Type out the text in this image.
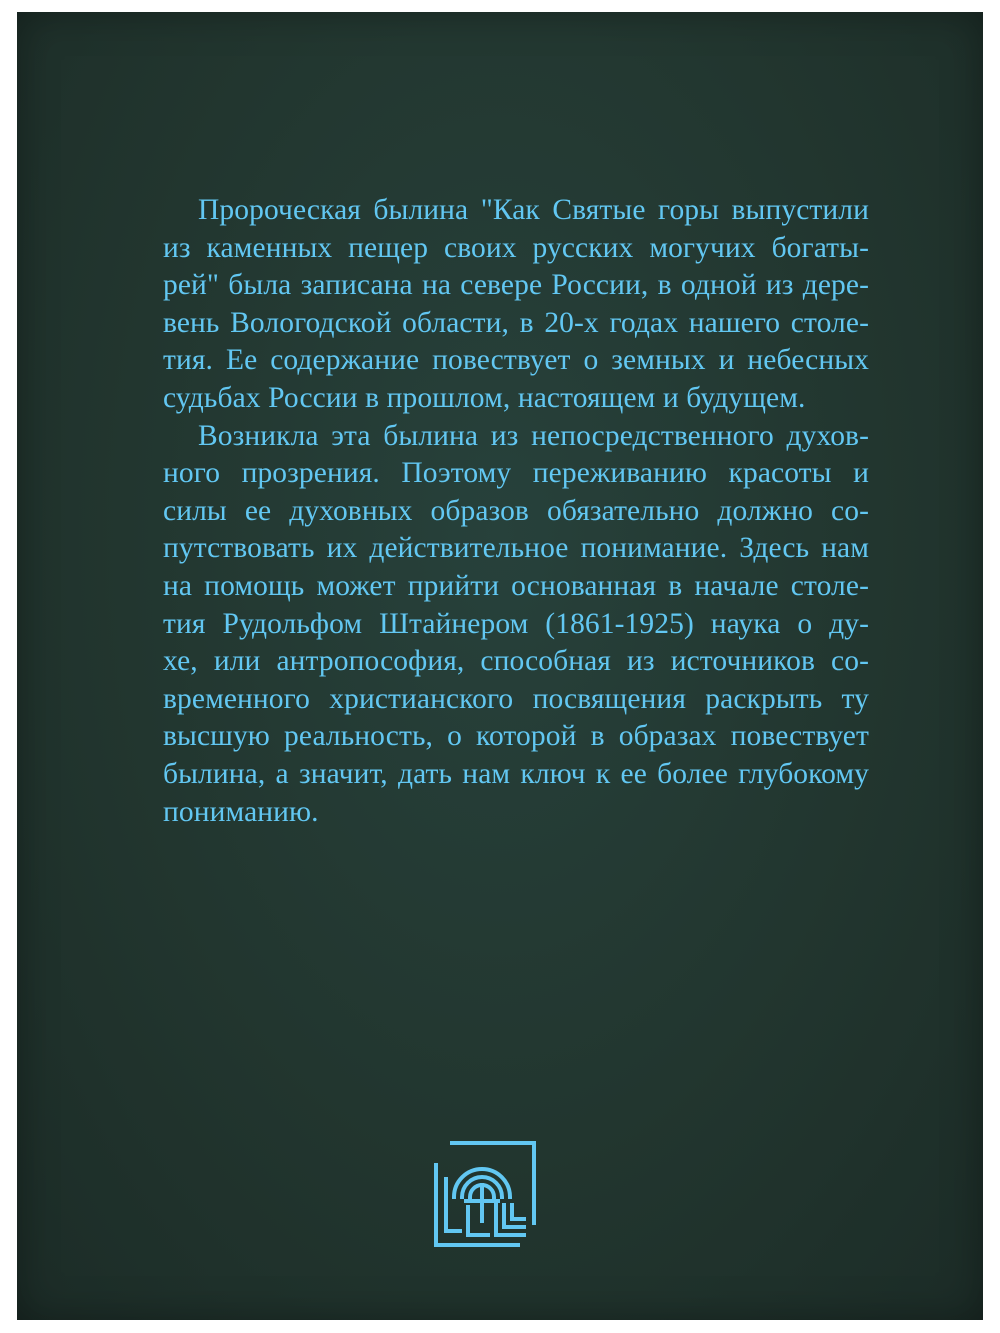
Пророческая былина "Как Святые горы выпустили
из каменных пещер своих русских могучих богаты-
рей" была записана на севере России, в одной из дере-
вень Вологодской области, в 20-х годах нашего столе-
тия. Ее содержание повествует о земных и небесных
судьбах России в прошлом, настоящем и будущем.
Возникла эта былина из непосредственного духов-
ного прозрения. Поэтому переживанию красоты и
силы ее духовных образов обязательно должно со-
путствовать их действительное понимание. Здесь нам
на помощь может прийти основанная в начале столе-
тия Рудольфом Штайнером (1861-1925) наука о ду-
хе, или антропософия, способная из источников со-
временного христианского посвящения раскрыть ту
высшую реальность, о которой в образах повествует
былина, а значит, дать нам ключ к ее более глубокому
пониманию.
